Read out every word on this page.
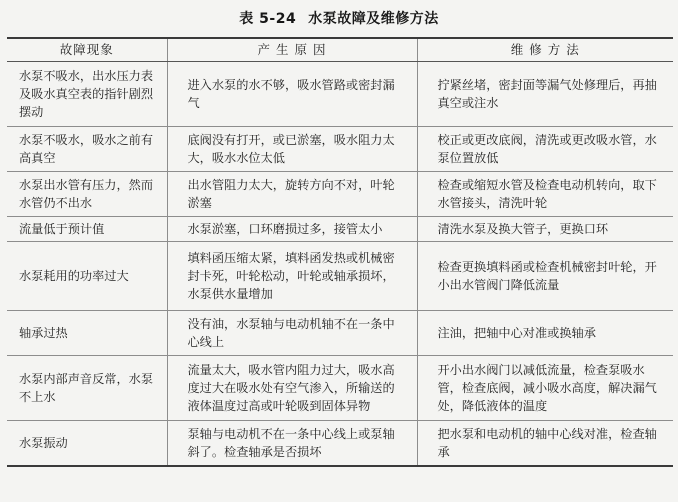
表 5-24 水泵故障及维修方法
故障现象	产 生 原 因	维 修 方 法

水泵不吸水，出水压力表及吸水真空表的指针剧烈摆动	进入水泵的水不够，吸水管路或密封漏气	拧紧丝堵，密封面等漏气处修理后，再抽真空或注水

水泵不吸水，吸水之前有高真空	底阀没有打开，或已淤塞，吸水阻力太大，吸水水位太低	校正或更改底阀，清洗或更改吸水管，水泵位置放低

水泵出水管有压力，然而水管仍不出水	出水管阻力太大，旋转方向不对，叶轮淤塞	检查或缩短水管及检查电动机转向，取下水管接头，清洗叶轮

流量低于预计值	水泵淤塞，口环磨损过多，接管太小	清洗水泵及换大管子，更换口环

水泵耗用的功率过大	填料函压缩太紧，填料函发热或机械密封卡死，叶轮松动，叶轮或轴承损坏，水泵供水量增加	检查更换填料函或检查机械密封叶轮，开小出水管阀门降低流量

轴承过热	没有油，水泵轴与电动机轴不在一条中心线上	注油，把轴中心对准或换轴承

水泵内部声音反常，水泵不上水	流量太大，吸水管内阻力过大，吸水高度过大在吸水处有空气渗入，所输送的液体温度过高或叶轮吸到固体异物	开小出水阀门以减低流量，检查泵吸水管，检查底阀，减小吸水高度，解决漏气处，降低液体的温度

水泵振动	泵轴与电动机不在一条中心线上或泵轴斜了。检查轴承是否损坏	把水泵和电动机的轴中心线对准，检查轴承
